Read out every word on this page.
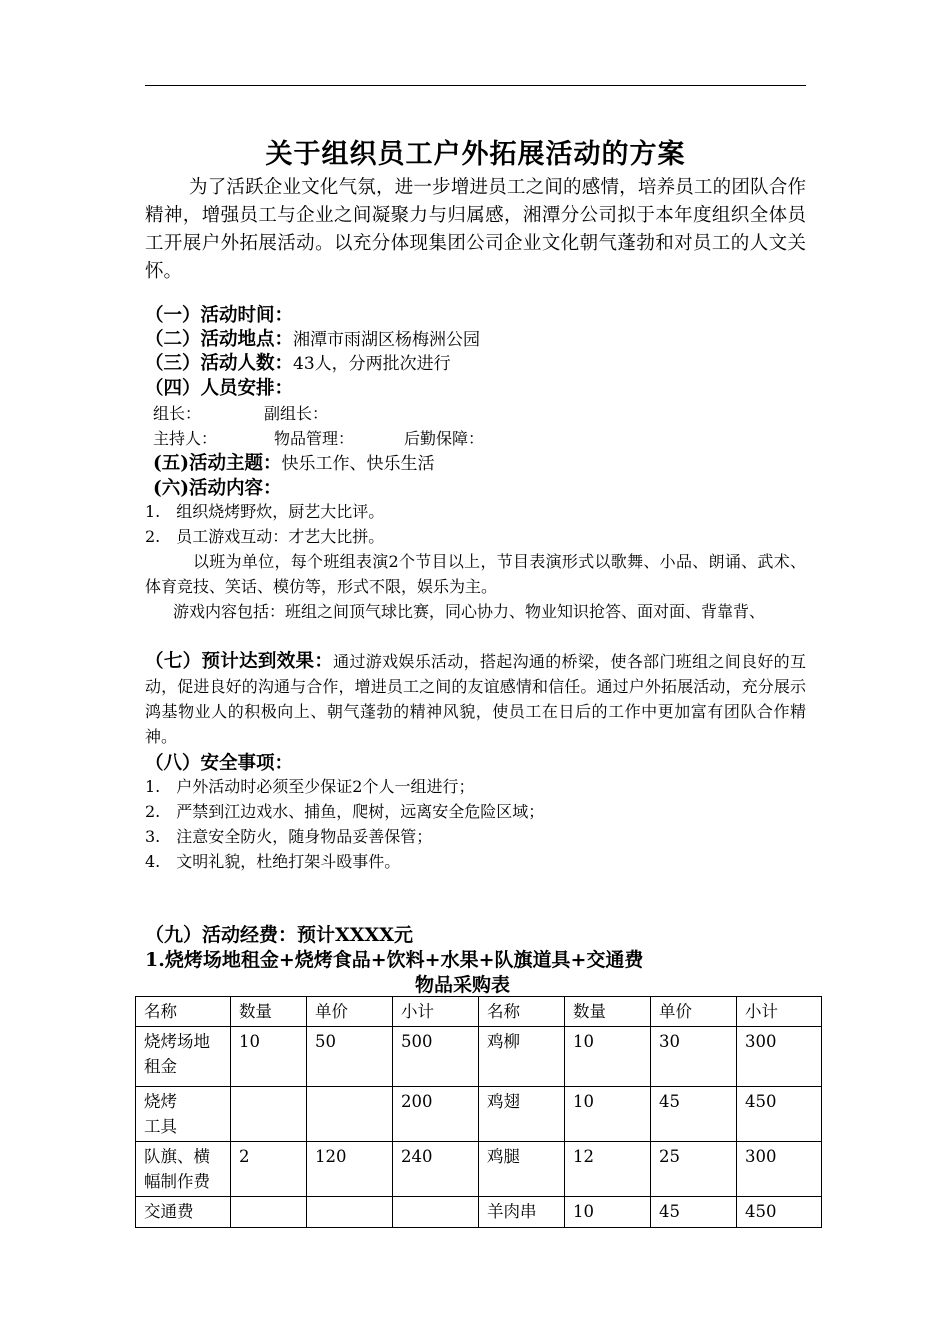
关于组织员工户外拓展活动的方案
为了活跃企业文化气氛，进一步增进员工之间的感情，培养员工的团队合作精神，增强员工与企业之间凝聚力与归属感，湘潭分公司拟于本年度组织全体员工开展户外拓展活动。以充分体现集团公司企业文化朝气蓬勃和对员工的人文关怀。
（一）活动时间：
（二）活动地点：湘潭市雨湖区杨梅洲公园
（三）活动人数：43人，分两批次进行
（四）人员安排：
组长：	副组长：
主持人：	物品管理：	后勤保障：
(五)活动主题：快乐工作、快乐生活
(六)活动内容：
1.　组织烧烤野炊，厨艺大比评。
2.　员工游戏互动：才艺大比拼。
以班为单位，每个班组表演2个节目以上，节目表演形式以歌舞、小品、朗诵、武术、体育竞技、笑话、模仿等，形式不限，娱乐为主。
游戏内容包括：班组之间顶气球比赛，同心协力、物业知识抢答、面对面、背靠背、
（七）预计达到效果：通过游戏娱乐活动，搭起沟通的桥梁，使各部门班组之间良好的互动，促进良好的沟通与合作，增进员工之间的友谊感情和信任。通过户外拓展活动，充分展示鸿基物业人的积极向上、朝气蓬勃的精神风貌，使员工在日后的工作中更加富有团队合作精神。
（八）安全事项：
1.　户外活动时必须至少保证2个人一组进行；
2.　严禁到江边戏水、捕鱼，爬树，远离安全危险区域；
3.　注意安全防火，随身物品妥善保管；
4.　文明礼貌，杜绝打架斗殴事件。
（九）活动经费：预计XXXX元
1.烧烤场地租金+烧烤食品+饮料+水果+队旗道具+交通费
物品采购表
名称	数量	单价	小计	名称	数量	单价	小计
烧烤场地
租金	10	50	500	鸡柳	10	30	300
烧烤
工具			200	鸡翅	10	45	450
队旗、横
幅制作费	2	120	240	鸡腿	12	25	300
交通费				羊肉串	10	45	450
